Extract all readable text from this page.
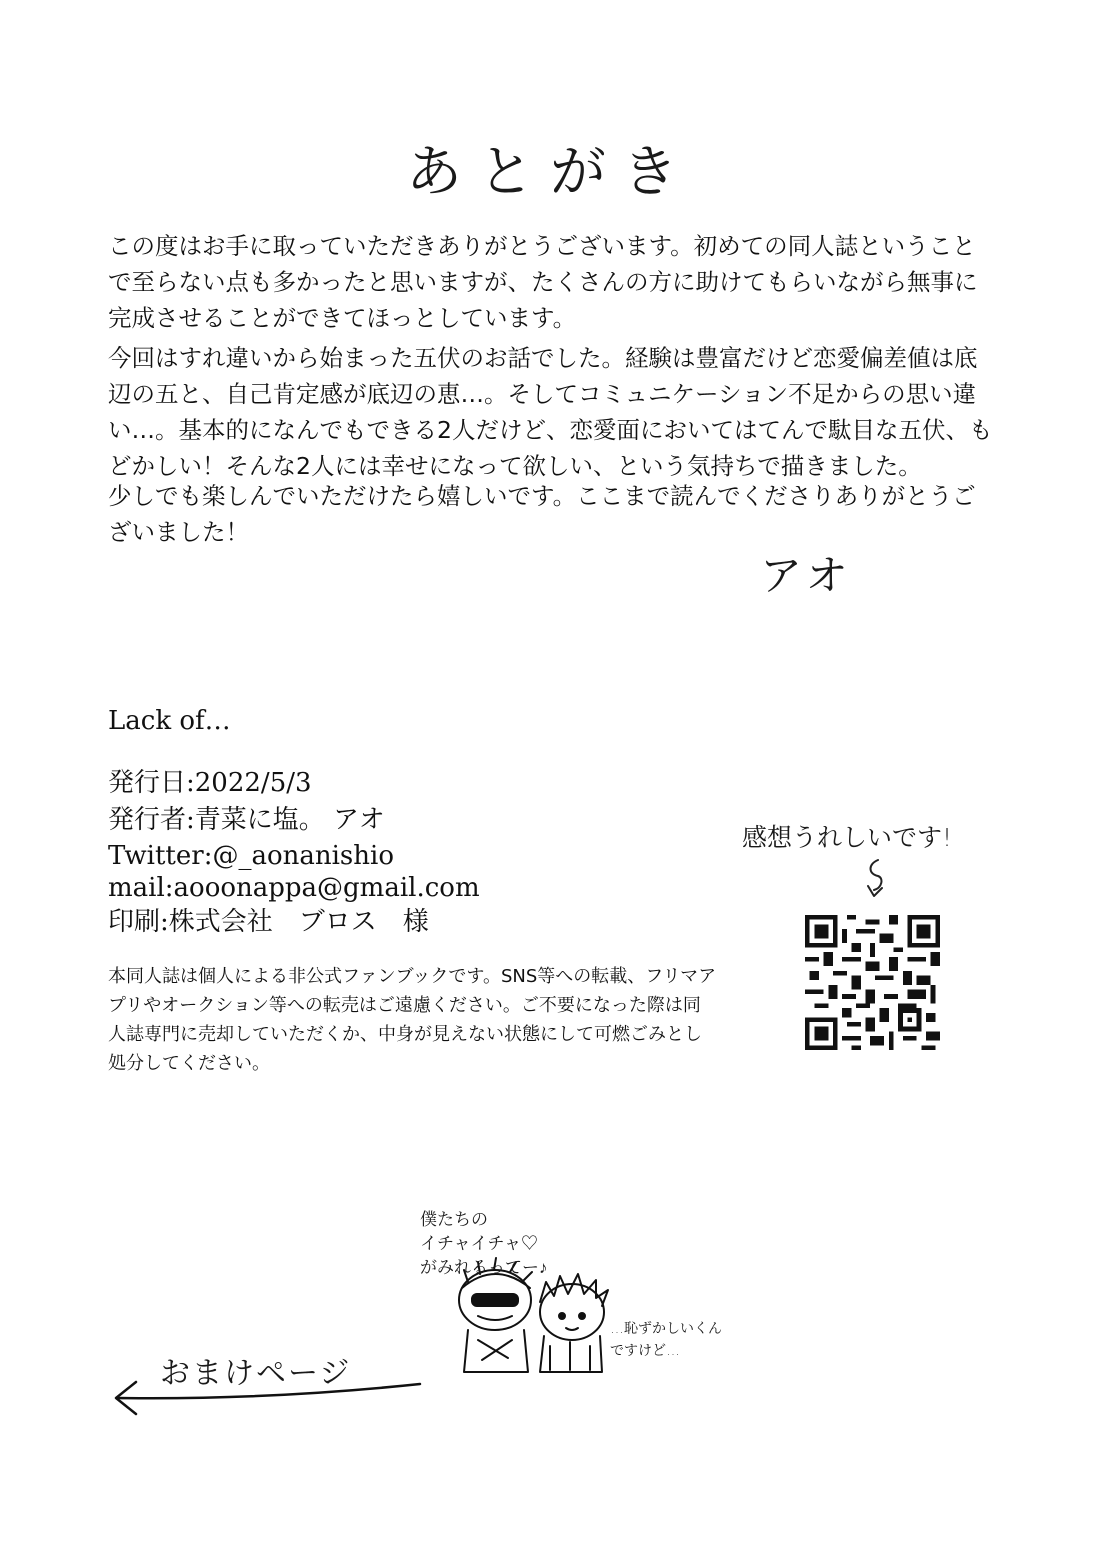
あとがき
この度はお手に取っていただきありがとうございます。初めての同人誌ということで至らない点も多かったと思いますが、たくさんの方に助けてもらいながら無事に完成させることができてほっとしています。
今回はすれ違いから始まった五伏のお話でした。経験は豊富だけど恋愛偏差値は底辺の五と、自己肯定感が底辺の恵…。そしてコミュニケーション不足からの思い違い…。基本的になんでもできる2人だけど、恋愛面においてはてんで駄目な五伏、もどかしい！そんな2人には幸せになって欲しい、という気持ちで描きました。
少しでも楽しんでいただけたら嬉しいです。ここまで読んでくださりありがとうございました！
アオ
Lack of…
発行日:2022/5/3
発行者:青菜に塩。 アオ
Twitter:@_aonanishio
mail:aooonappa@gmail.com
印刷:株式会社　ブロス　様
本同人誌は個人による非公式ファンブックです。SNS等への転載、フリマアプリやオークション等への転売はご遠慮ください。ご不要になった際は同人誌専門に売却していただくか、中身が見えない状態にして可燃ごみとし処分してください。
感想うれしいです!
僕たちの
イチャイチャ♡
がみれるってー♪
…恥ずかしいくん
ですけど…
おまけページ
